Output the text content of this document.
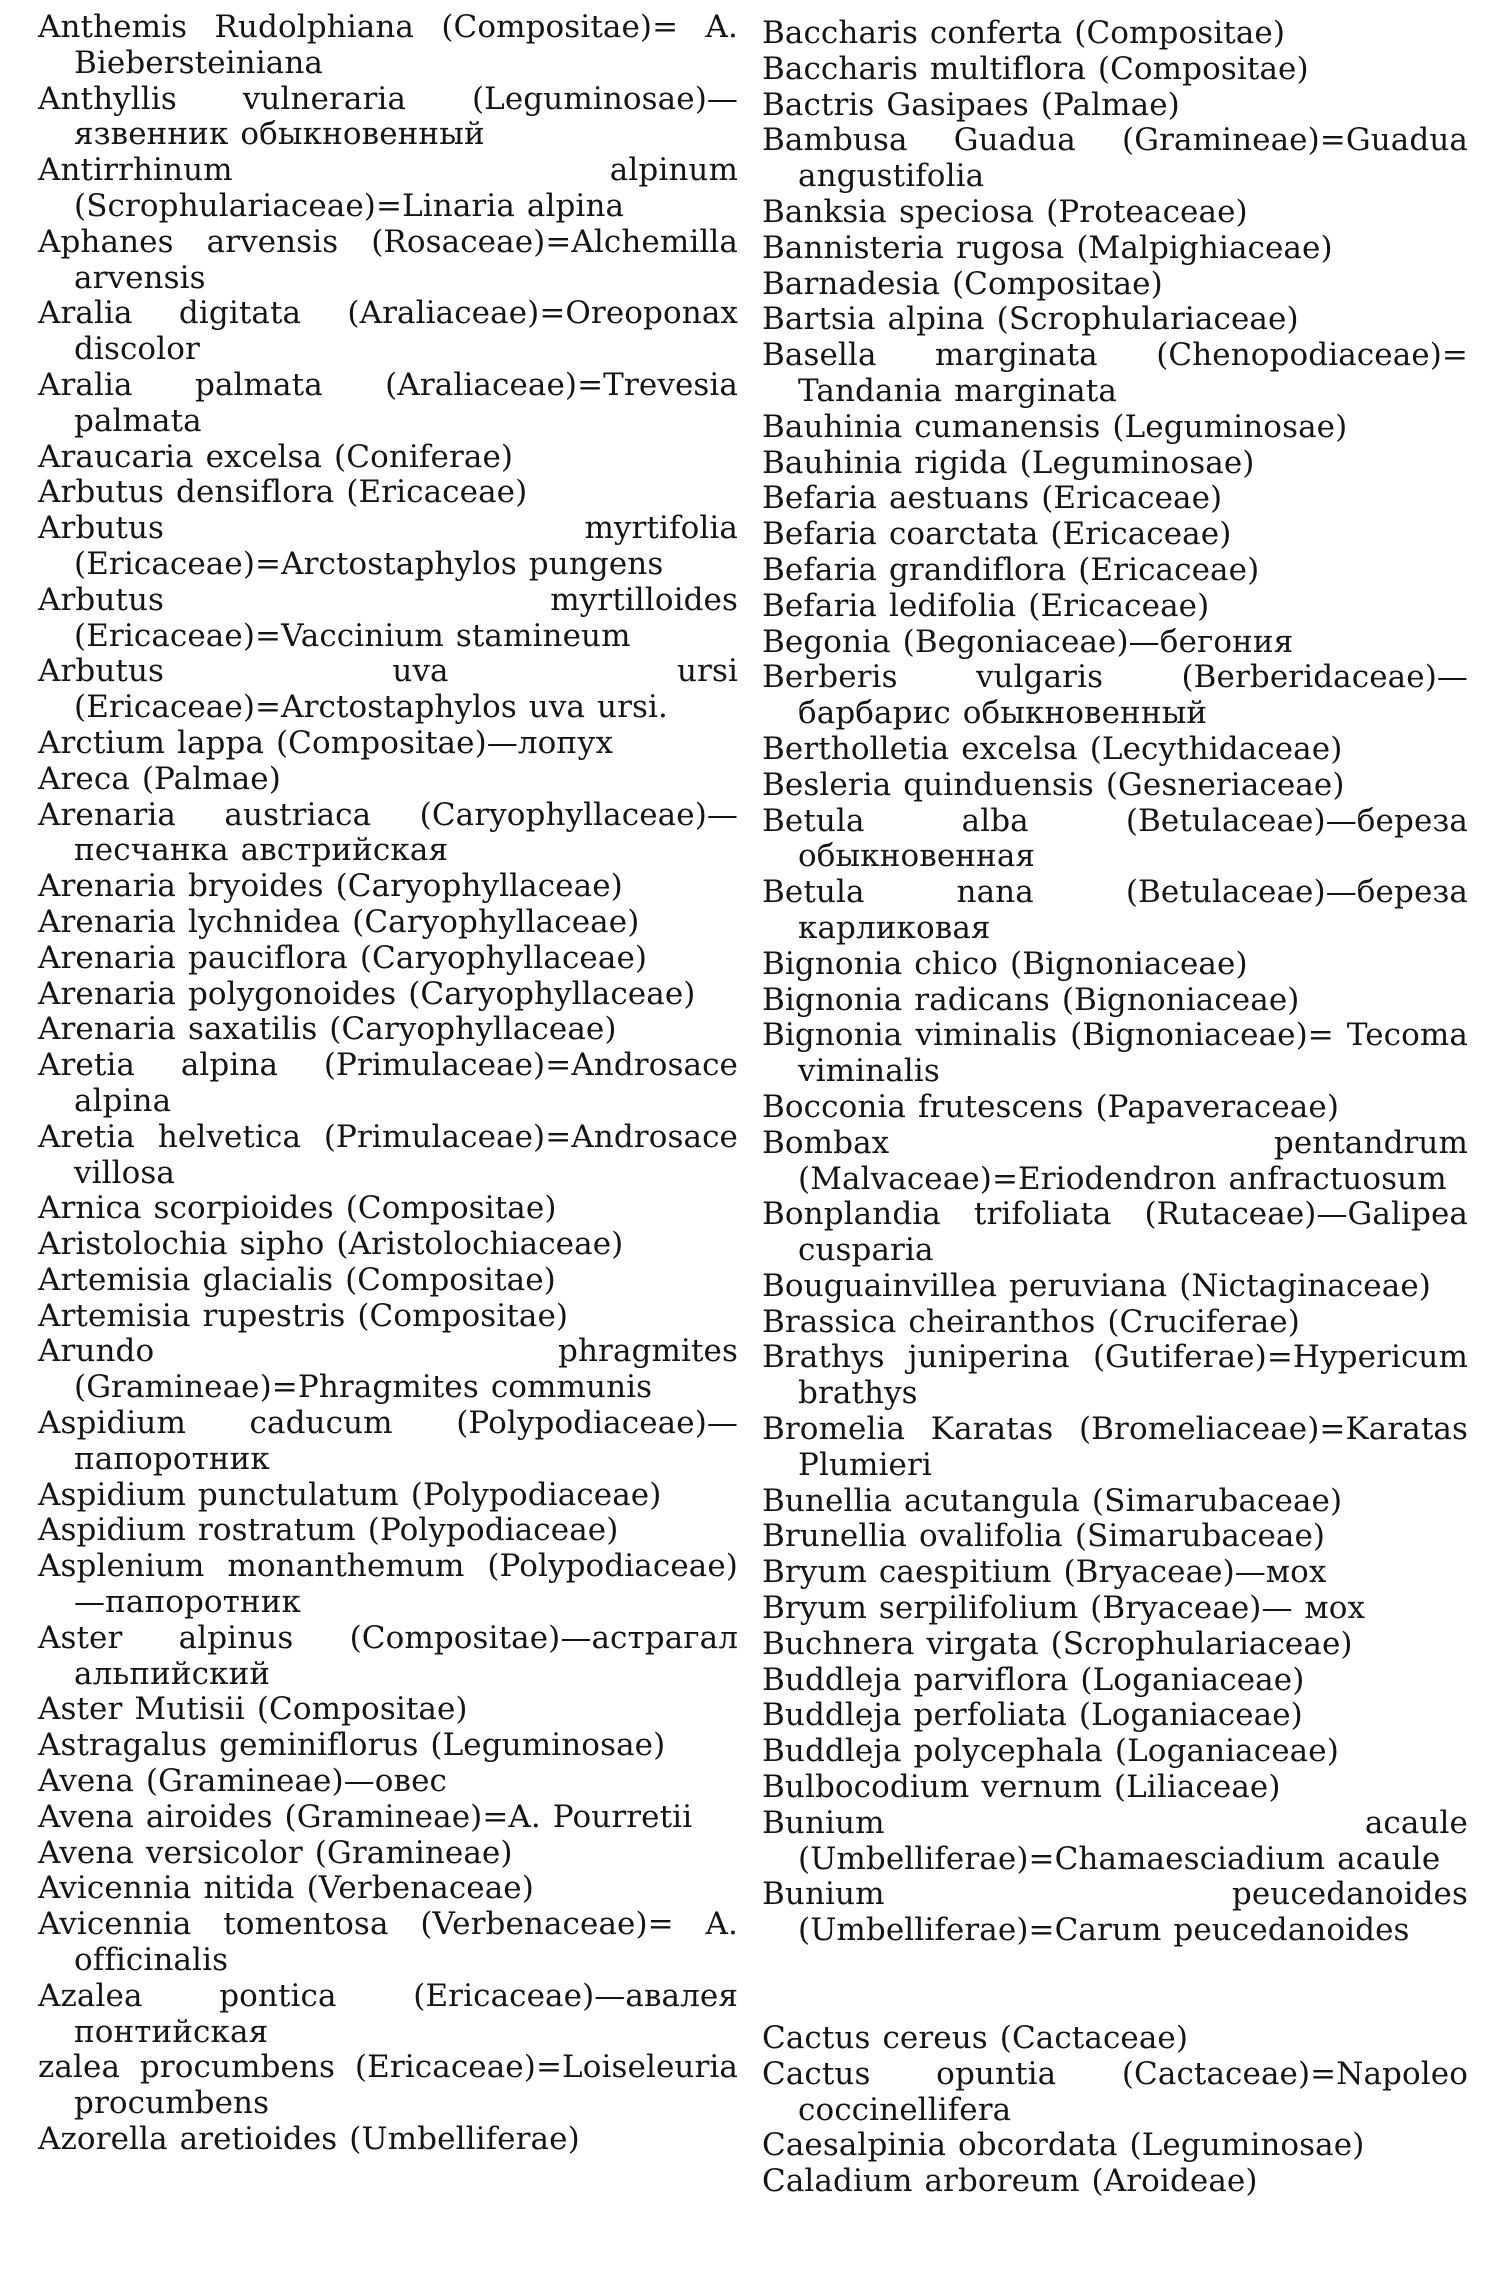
Anthemis Rudolphiana (Compositae)= A. Biebersteiniana

Anthyllis vulneraria (Leguminosae)— язвенник обыкновенный

Antirrhinum alpinum (Scrophulariaceae)=Linaria alpina

Aphanes arvensis (Rosaceae)=Alchemilla arvensis

Aralia digitata (Araliaceae)=Oreoponax discolor

Aralia palmata (Araliaceae)=Trevesia palmata

Araucaria excelsa (Coniferae)

Arbutus densiflora (Ericaceae)

Arbutus myrtifolia (Ericaceae)=Arctostaphylos pungens

Arbutus myrtilloides (Ericaceae)=Vaccinium stamineum

Arbutus uva ursi (Ericaceae)=Arctostaphylos uva ursi.

Arctium lappa (Compositae)—лопух

Areca (Palmae)

Arenaria austriaca (Caryophyllaceae)— песчанка австрийская

Arenaria bryoides (Caryophyllaceae)

Arenaria lychnidea (Caryophyllaceae)

Arenaria pauciflora (Caryophyllaceae)

Arenaria polygonoides (Caryophyllaceae)

Arenaria saxatilis (Caryophyllaceae)

Aretia alpina (Primulaceae)=Androsace alpina

Aretia helvetica (Primulaceae)=Androsace villosa

Arnica scorpioides (Compositae)

Aristolochia sipho (Aristolochiaceae)

Artemisia glacialis (Compositae)

Artemisia rupestris (Compositae)

Arundo phragmites (Gramineae)=Phragmites communis

Aspidium caducum (Polypodiaceae)— папоротник

Aspidium punctulatum (Polypodiaceae)

Aspidium rostratum (Polypodiaceae)

Asplenium monanthemum (Polypodiaceae)—папоротник

Aster alpinus (Compositae)—астрагал альпийский

Aster Mutisii (Compositae)

Astragalus geminiflorus (Leguminosae)

Avena (Gramineae)—овес

Avena airoides (Gramineae)=A. Pourretii

Avena versicolor (Gramineae)

Avicennia nitida (Verbenaceae)

Avicennia tomentosa (Verbenaceae)= A. officinalis

Azalea pontica (Ericaceae)—авалея понтийская

zalea procumbens (Ericaceae)=Loiseleuria procumbens

Azorella aretioides (Umbelliferae)

Baccharis conferta (Compositae)

Baccharis multiflora (Compositae)

Bactris Gasipaes (Palmae)

Bambusa Guadua (Gramineae)=Guadua angustifolia

Banksia speciosa (Proteaceae)

Bannisteria rugosa (Malpighiaceae)

Barnadesia (Compositae)

Bartsia alpina (Scrophulariaceae)

Basella marginata (Chenopodiaceae)= Tandania marginata

Bauhinia cumanensis (Leguminosae)

Bauhinia rigida (Leguminosae)

Befaria aestuans (Ericaceae)

Befaria coarctata (Ericaceae)

Befaria grandiflora (Ericaceae)

Befaria ledifolia (Ericaceae)

Begonia (Begoniaceae)—бегония

Berberis vulgaris (Berberidaceae)—барбарис обыкновенный

Bertholletia excelsa (Lecythidaceae)

Besleria quinduensis (Gesneriaceae)

Betula alba (Betulaceae)—береза обыкновенная

Betula nana (Betulaceae)—береза карликовая

Bignonia chico (Bignoniaceae)

Bignonia radicans (Bignoniaceae)

Bignonia viminalis (Bignoniaceae)= Tecoma viminalis

Bocconia frutescens (Papaveraceae)

Bombax pentandrum (Malvaceae)=Eriodendron anfractuosum

Bonplandia trifoliata (Rutaceae)—Galipea cusparia

Bouguainvillea peruviana (Nictaginaceae)

Brassica cheiranthos (Cruciferae)

Brathys juniperina (Gutiferae)=Hypericum brathys

Bromelia Karatas (Bromeliaceae)=Karatas Plumieri

Bunellia acutangula (Simarubaceae)

Brunellia ovalifolia (Simarubaceae)

Bryum caespitium (Bryaceae)—мох

Bryum serpilifolium (Bryaceae)— мох

Buchnera virgata (Scrophulariaceae)

Buddleja parviflora (Loganiaceae)

Buddleja perfoliata (Loganiaceae)

Buddleja polycephala (Loganiaceae)

Bulbocodium vernum (Liliaceae)

Bunium acaule (Umbelliferae)=Chamaesciadium acaule

Bunium peucedanoides (Umbelliferae)=Carum peucedanoides

Cactus cereus (Cactaceae)

Cactus opuntia (Cactaceae)=Napoleo coccinellifera

Caesalpinia obcordata (Leguminosae)

Caladium arboreum (Aroideae)
